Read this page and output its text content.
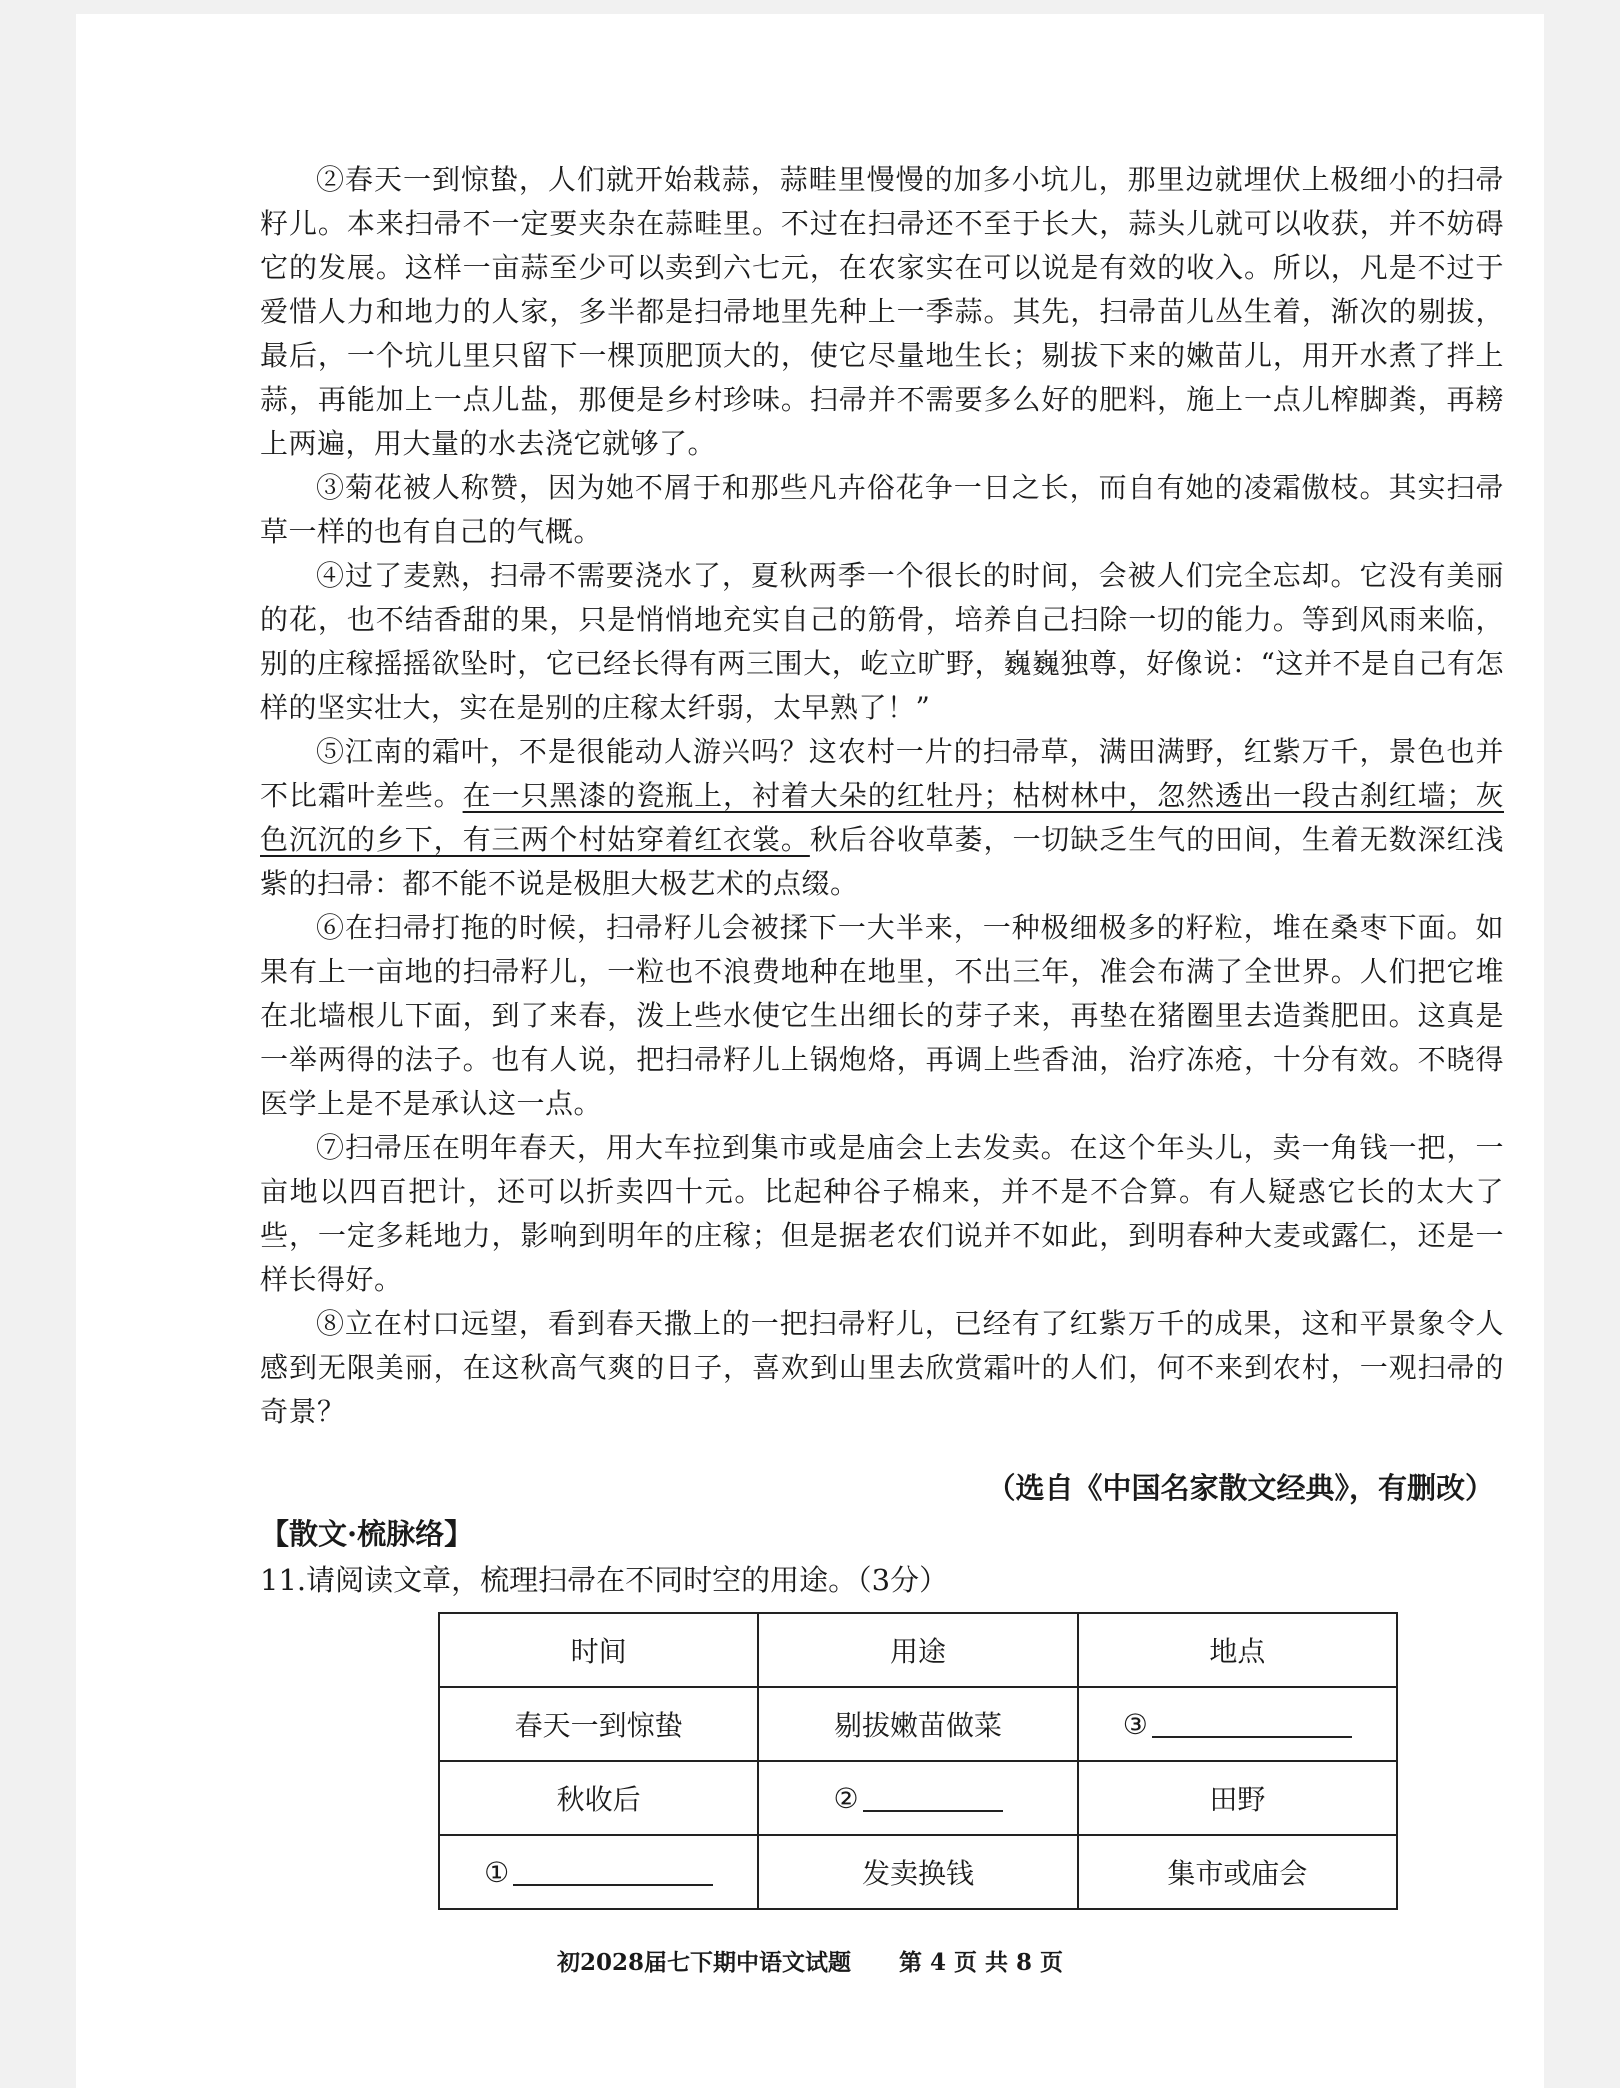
②春天一到惊蛰，人们就开始栽蒜，蒜畦里慢慢的加多小坑儿，那里边就埋伏上极细小的扫帚籽儿。本来扫帚不一定要夹杂在蒜畦里。不过在扫帚还不至于长大，蒜头儿就可以收获，并不妨碍它的发展。这样一亩蒜至少可以卖到六七元，在农家实在可以说是有效的收入。所以，凡是不过于爱惜人力和地力的人家，多半都是扫帚地里先种上一季蒜。其先，扫帚苗儿丛生着，渐次的剔拔，最后，一个坑儿里只留下一棵顶肥顶大的，使它尽量地生长；剔拔下来的嫩苗儿，用开水煮了拌上蒜，再能加上一点儿盐，那便是乡村珍味。扫帚并不需要多么好的肥料，施上一点儿榨脚粪，再耪上两遍，用大量的水去浇它就够了。

③菊花被人称赞，因为她不屑于和那些凡卉俗花争一日之长，而自有她的凌霜傲枝。其实扫帚草一样的也有自己的气概。

④过了麦熟，扫帚不需要浇水了，夏秋两季一个很长的时间，会被人们完全忘却。它没有美丽的花，也不结香甜的果，只是悄悄地充实自己的筋骨，培养自己扫除一切的能力。等到风雨来临，别的庄稼摇摇欲坠时，它已经长得有两三围大，屹立旷野，巍巍独尊，好像说：“这并不是自己有怎样的坚实壮大，实在是别的庄稼太纤弱，太早熟了！”

⑤江南的霜叶，不是很能动人游兴吗？这农村一片的扫帚草，满田满野，红紫万千，景色也并不比霜叶差些。在一只黑漆的瓷瓶上，衬着大朵的红牡丹；枯树林中，忽然透出一段古刹红墙；灰色沉沉的乡下，有三两个村姑穿着红衣裳。秋后谷收草萎，一切缺乏生气的田间，生着无数深红浅紫的扫帚：都不能不说是极胆大极艺术的点缀。

⑥在扫帚打拖的时候，扫帚籽儿会被揉下一大半来，一种极细极多的籽粒，堆在桑枣下面。如果有上一亩地的扫帚籽儿，一粒也不浪费地种在地里，不出三年，准会布满了全世界。人们把它堆在北墙根儿下面，到了来春，泼上些水使它生出细长的芽子来，再垫在猪圈里去造粪肥田。这真是一举两得的法子。也有人说，把扫帚籽儿上锅炮烙，再调上些香油，治疗冻疮，十分有效。不晓得医学上是不是承认这一点。

⑦扫帚压在明年春天，用大车拉到集市或是庙会上去发卖。在这个年头儿，卖一角钱一把，一亩地以四百把计，还可以折卖四十元。比起种谷子棉来，并不是不合算。有人疑惑它长的太大了些，一定多耗地力，影响到明年的庄稼；但是据老农们说并不如此，到明春种大麦或露仁，还是一样长得好。

⑧立在村口远望，看到春天撒上的一把扫帚籽儿，已经有了红紫万千的成果，这和平景象令人感到无限美丽，在这秋高气爽的日子，喜欢到山里去欣赏霜叶的人们，何不来到农村，一观扫帚的奇景？

（选自《中国名家散文经典》，有删改）
【散文·梳脉络】
11.请阅读文章，梳理扫帚在不同时空的用途。（3分）
时间	用途	地点
春天一到惊蛰	剔拔嫩苗做菜	③
秋收后	②	田野
①	发卖换钱	集市或庙会
初2028届七下期中语文试题 第 4 页 共 8 页
